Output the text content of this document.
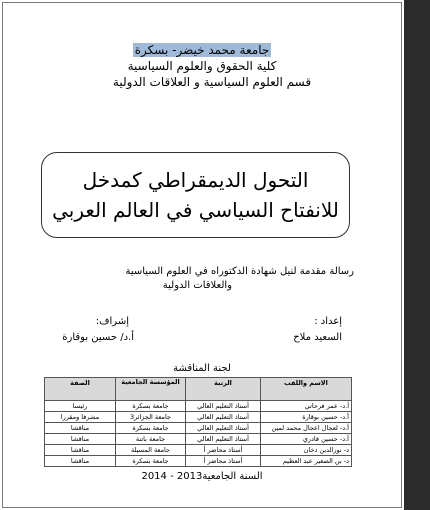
جامعة محمد خيضر- بسكرة
كلية الحقوق والعلوم السياسية
قسم العلوم السياسية و العلاقات الدولية
التحول الديمقراطي كمدخل
للانفتاح السياسي في العالم العربي
رسالة مقدمة لنيل شهادة الدكتوراه في العلوم السياسية
والعلاقات الدولية
إعداد :
السعيد ملاح
إشراف:
أ.د/ حسين بوقارة
لجنة المناقشة
الاسم واللقب	الرتبة	المؤسسة الجامعية	الصفة
أ.د- عمر فرحاتي	أستاذ التعليم العالي	جامعة بسكرة	رئيسا
أ.د- حسين بوقارة	أستاذ التعليم العالي	جامعة الجزائر3	مشرفا ومقررا
أ.د- لعجال اعجال محمد لمين	أستاذ التعليم العالي	جامعة بسكرة	مناقشا
أ.د- حسين قادري	أستاذ التعليم العالي	جامعة باتنة	مناقشا
د- نورالدين دخان	أستاذ محاضر أ	جامعة المسيلة	مناقشا
د- بن الصغير عبد العظيم	أستاذ محاضر أ	جامعة بسكرة	مناقشا
السنة الجامعية2013 - 2014
